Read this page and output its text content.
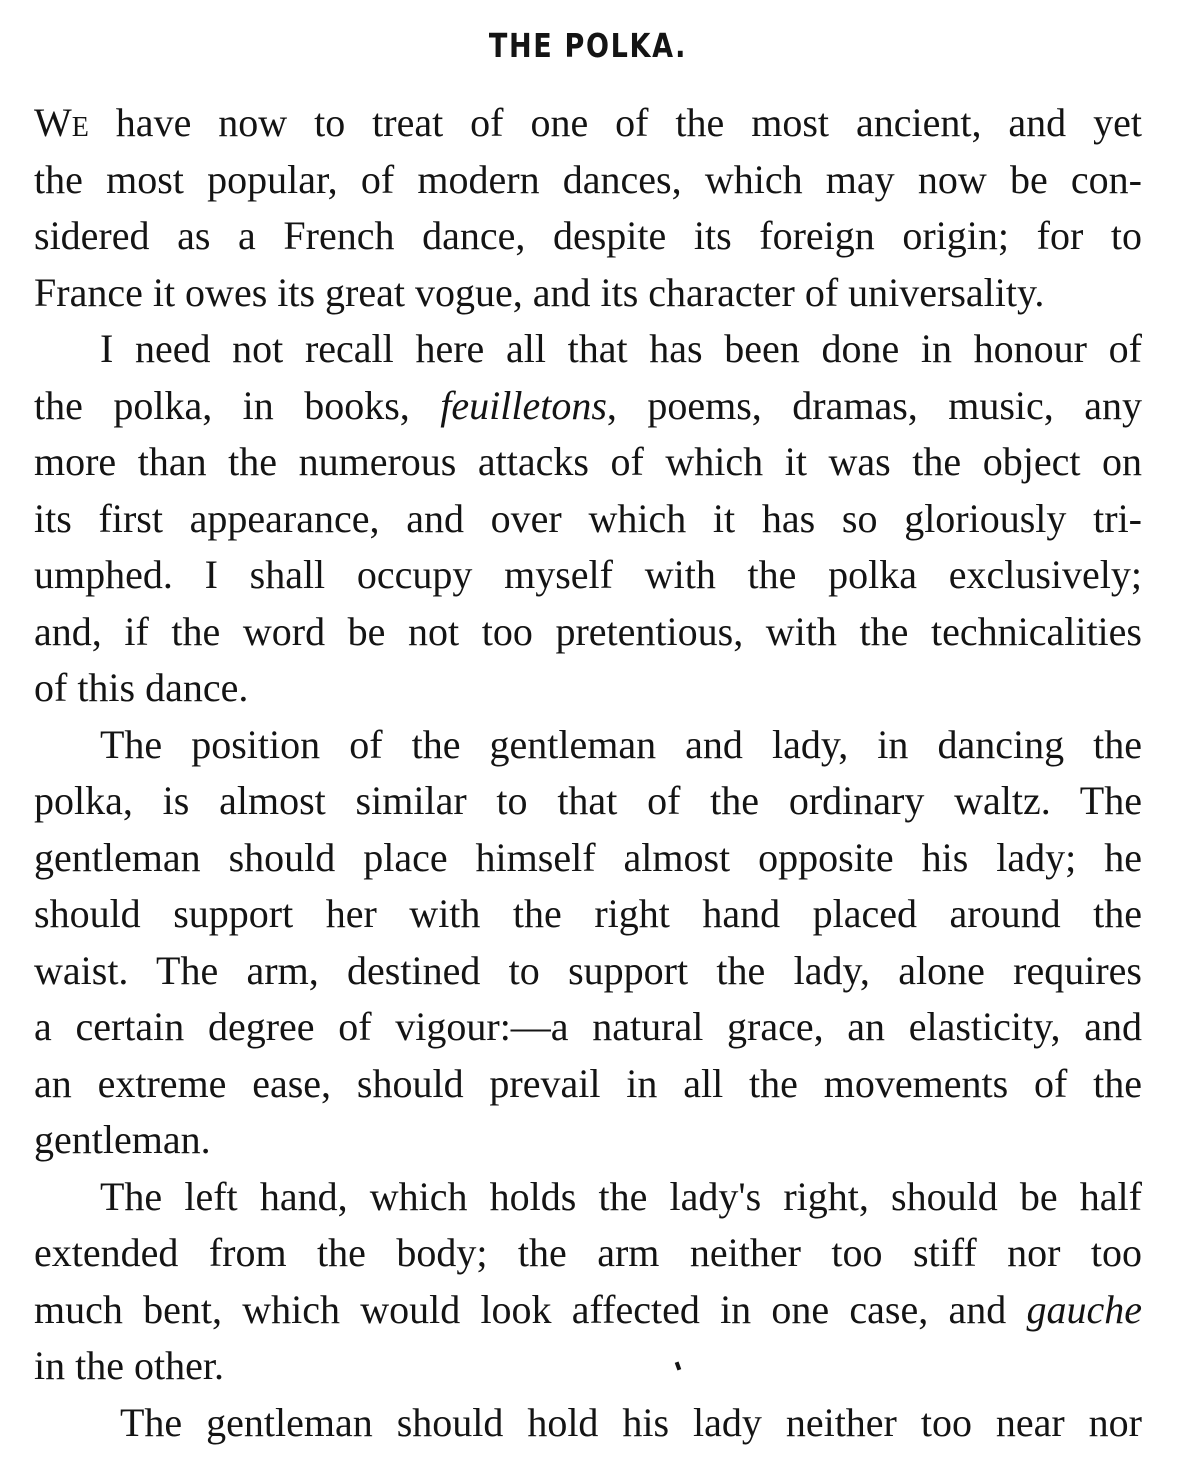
THE POLKA.
We have now to treat of one of the most ancient, and yet
the most popular, of modern dances, which may now be con-
sidered as a French dance, despite its foreign origin; for to
France it owes its great vogue, and its character of universality.
I need not recall here all that has been done in honour of
the polka, in books, feuilletons, poems, dramas, music, any
more than the numerous attacks of which it was the object on
its first appearance, and over which it has so gloriously tri-
umphed. I shall occupy myself with the polka exclusively;
and, if the word be not too pretentious, with the technicalities
of this dance.
The position of the gentleman and lady, in dancing the
polka, is almost similar to that of the ordinary waltz. The
gentleman should place himself almost opposite his lady; he
should support her with the right hand placed around the
waist. The arm, destined to support the lady, alone requires
a certain degree of vigour:—a natural grace, an elasticity, and
an extreme ease, should prevail in all the movements of the
gentleman.
The left hand, which holds the lady's right, should be half
extended from the body; the arm neither too stiff nor too
much bent, which would look affected in one case, and gauche
in the other.
The gentleman should hold his lady neither too near nor
